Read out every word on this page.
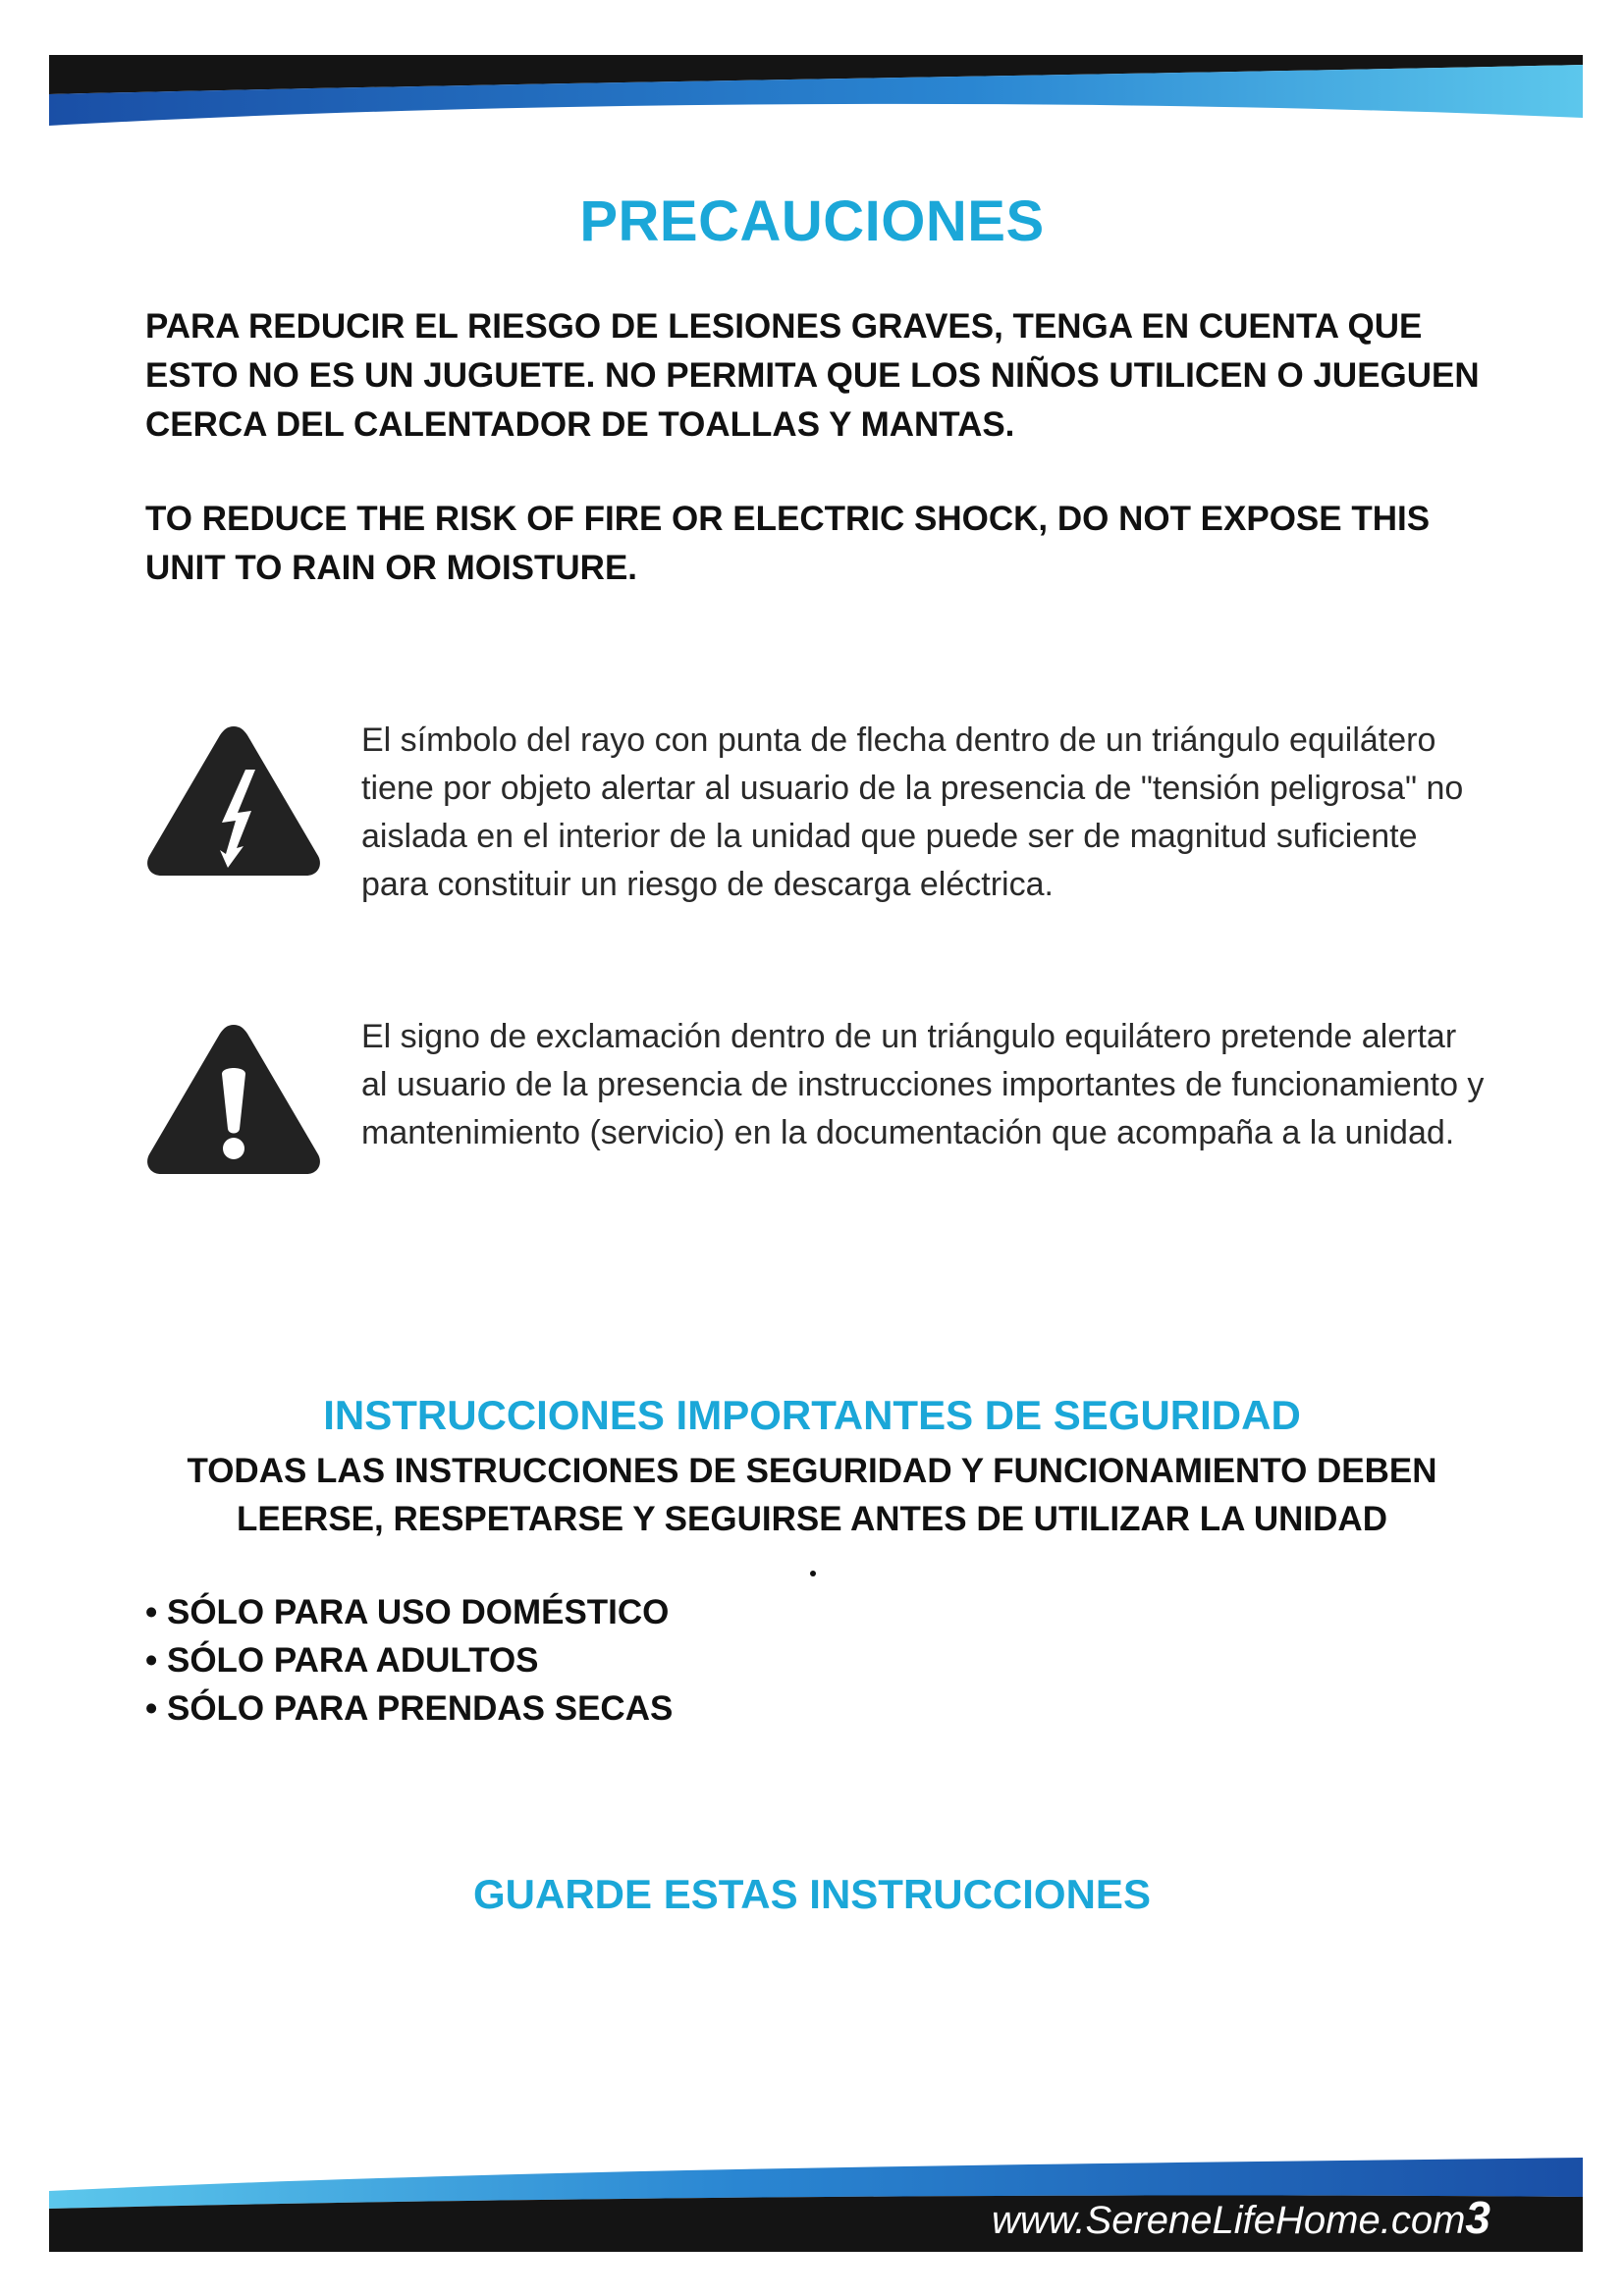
PRECAUCIONES
PARA REDUCIR EL RIESGO DE LESIONES GRAVES, TENGA EN CUENTA QUE ESTO NO ES UN JUGUETE. NO PERMITA QUE LOS NIÑOS UTILICEN O JUEGUEN CERCA DEL CALENTADOR DE TOALLAS Y MANTAS.
TO REDUCE THE RISK OF FIRE OR ELECTRIC SHOCK, DO NOT EXPOSE THIS UNIT TO RAIN OR MOISTURE.
El símbolo del rayo con punta de flecha dentro de un triángulo equilátero tiene por objeto alertar al usuario de la presencia de "tensión peligrosa" no aislada en el interior de la unidad que puede ser de magnitud suficiente para constituir un riesgo de descarga eléctrica.
El signo de exclamación dentro de un triángulo equilátero pretende alertar al usuario de la presencia de instrucciones importantes de funcionamiento y mantenimiento (servicio) en la documentación que acompaña a la unidad.
INSTRUCCIONES IMPORTANTES DE SEGURIDAD
TODAS LAS INSTRUCCIONES DE SEGURIDAD Y FUNCIONAMIENTO DEBEN LEERSE, RESPETARSE Y SEGUIRSE ANTES DE UTILIZAR LA UNIDAD
• SÓLO PARA USO DOMÉSTICO
• SÓLO PARA ADULTOS
• SÓLO PARA PRENDAS SECAS
GUARDE ESTAS INSTRUCCIONES
www.SereneLifeHome.com3
